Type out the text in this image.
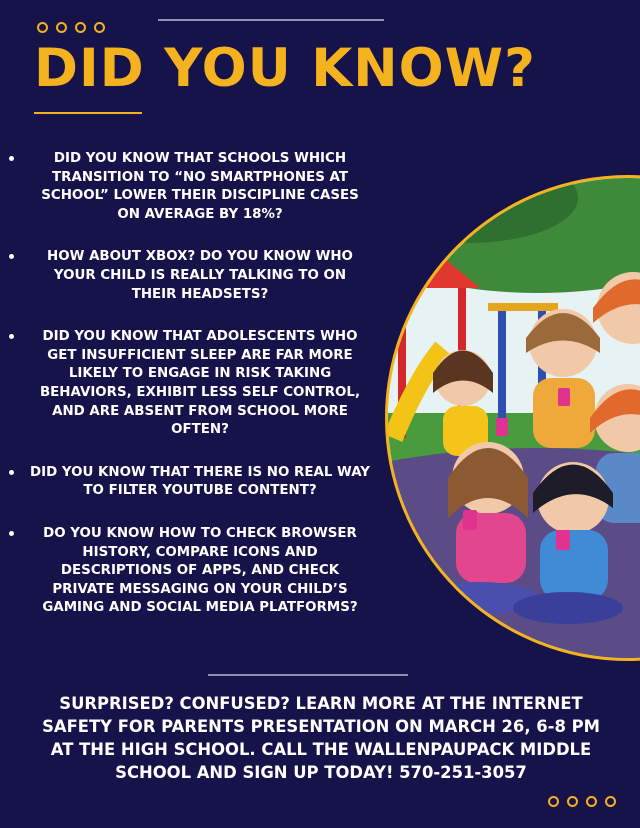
DID YOU KNOW?
DID YOU KNOW THAT SCHOOLS WHICH TRANSITION TO “NO SMARTPHONES AT SCHOOL” LOWER THEIR DISCIPLINE CASES ON AVERAGE BY 18%?
HOW ABOUT XBOX? DO YOU KNOW WHO YOUR CHILD IS REALLY TALKING TO ON THEIR HEADSETS?
DID YOU KNOW THAT ADOLESCENTS WHO GET INSUFFICIENT SLEEP ARE FAR MORE LIKELY TO ENGAGE IN RISK TAKING BEHAVIORS, EXHIBIT LESS SELF CONTROL, AND ARE ABSENT FROM SCHOOL MORE OFTEN?
DID YOU KNOW THAT THERE IS NO REAL WAY TO FILTER YOUTUBE CONTENT?
DO YOU KNOW HOW TO CHECK BROWSER HISTORY, COMPARE ICONS AND DESCRIPTIONS OF APPS, AND CHECK PRIVATE MESSAGING ON YOUR CHILD’S GAMING AND SOCIAL MEDIA PLATFORMS?

SURPRISED? CONFUSED? LEARN MORE AT THE INTERNET SAFETY FOR PARENTS PRESENTATION ON MARCH 26, 6-8 PM AT THE HIGH SCHOOL. CALL THE WALLENPAUPACK MIDDLE SCHOOL AND SIGN UP TODAY! 570-251-3057
